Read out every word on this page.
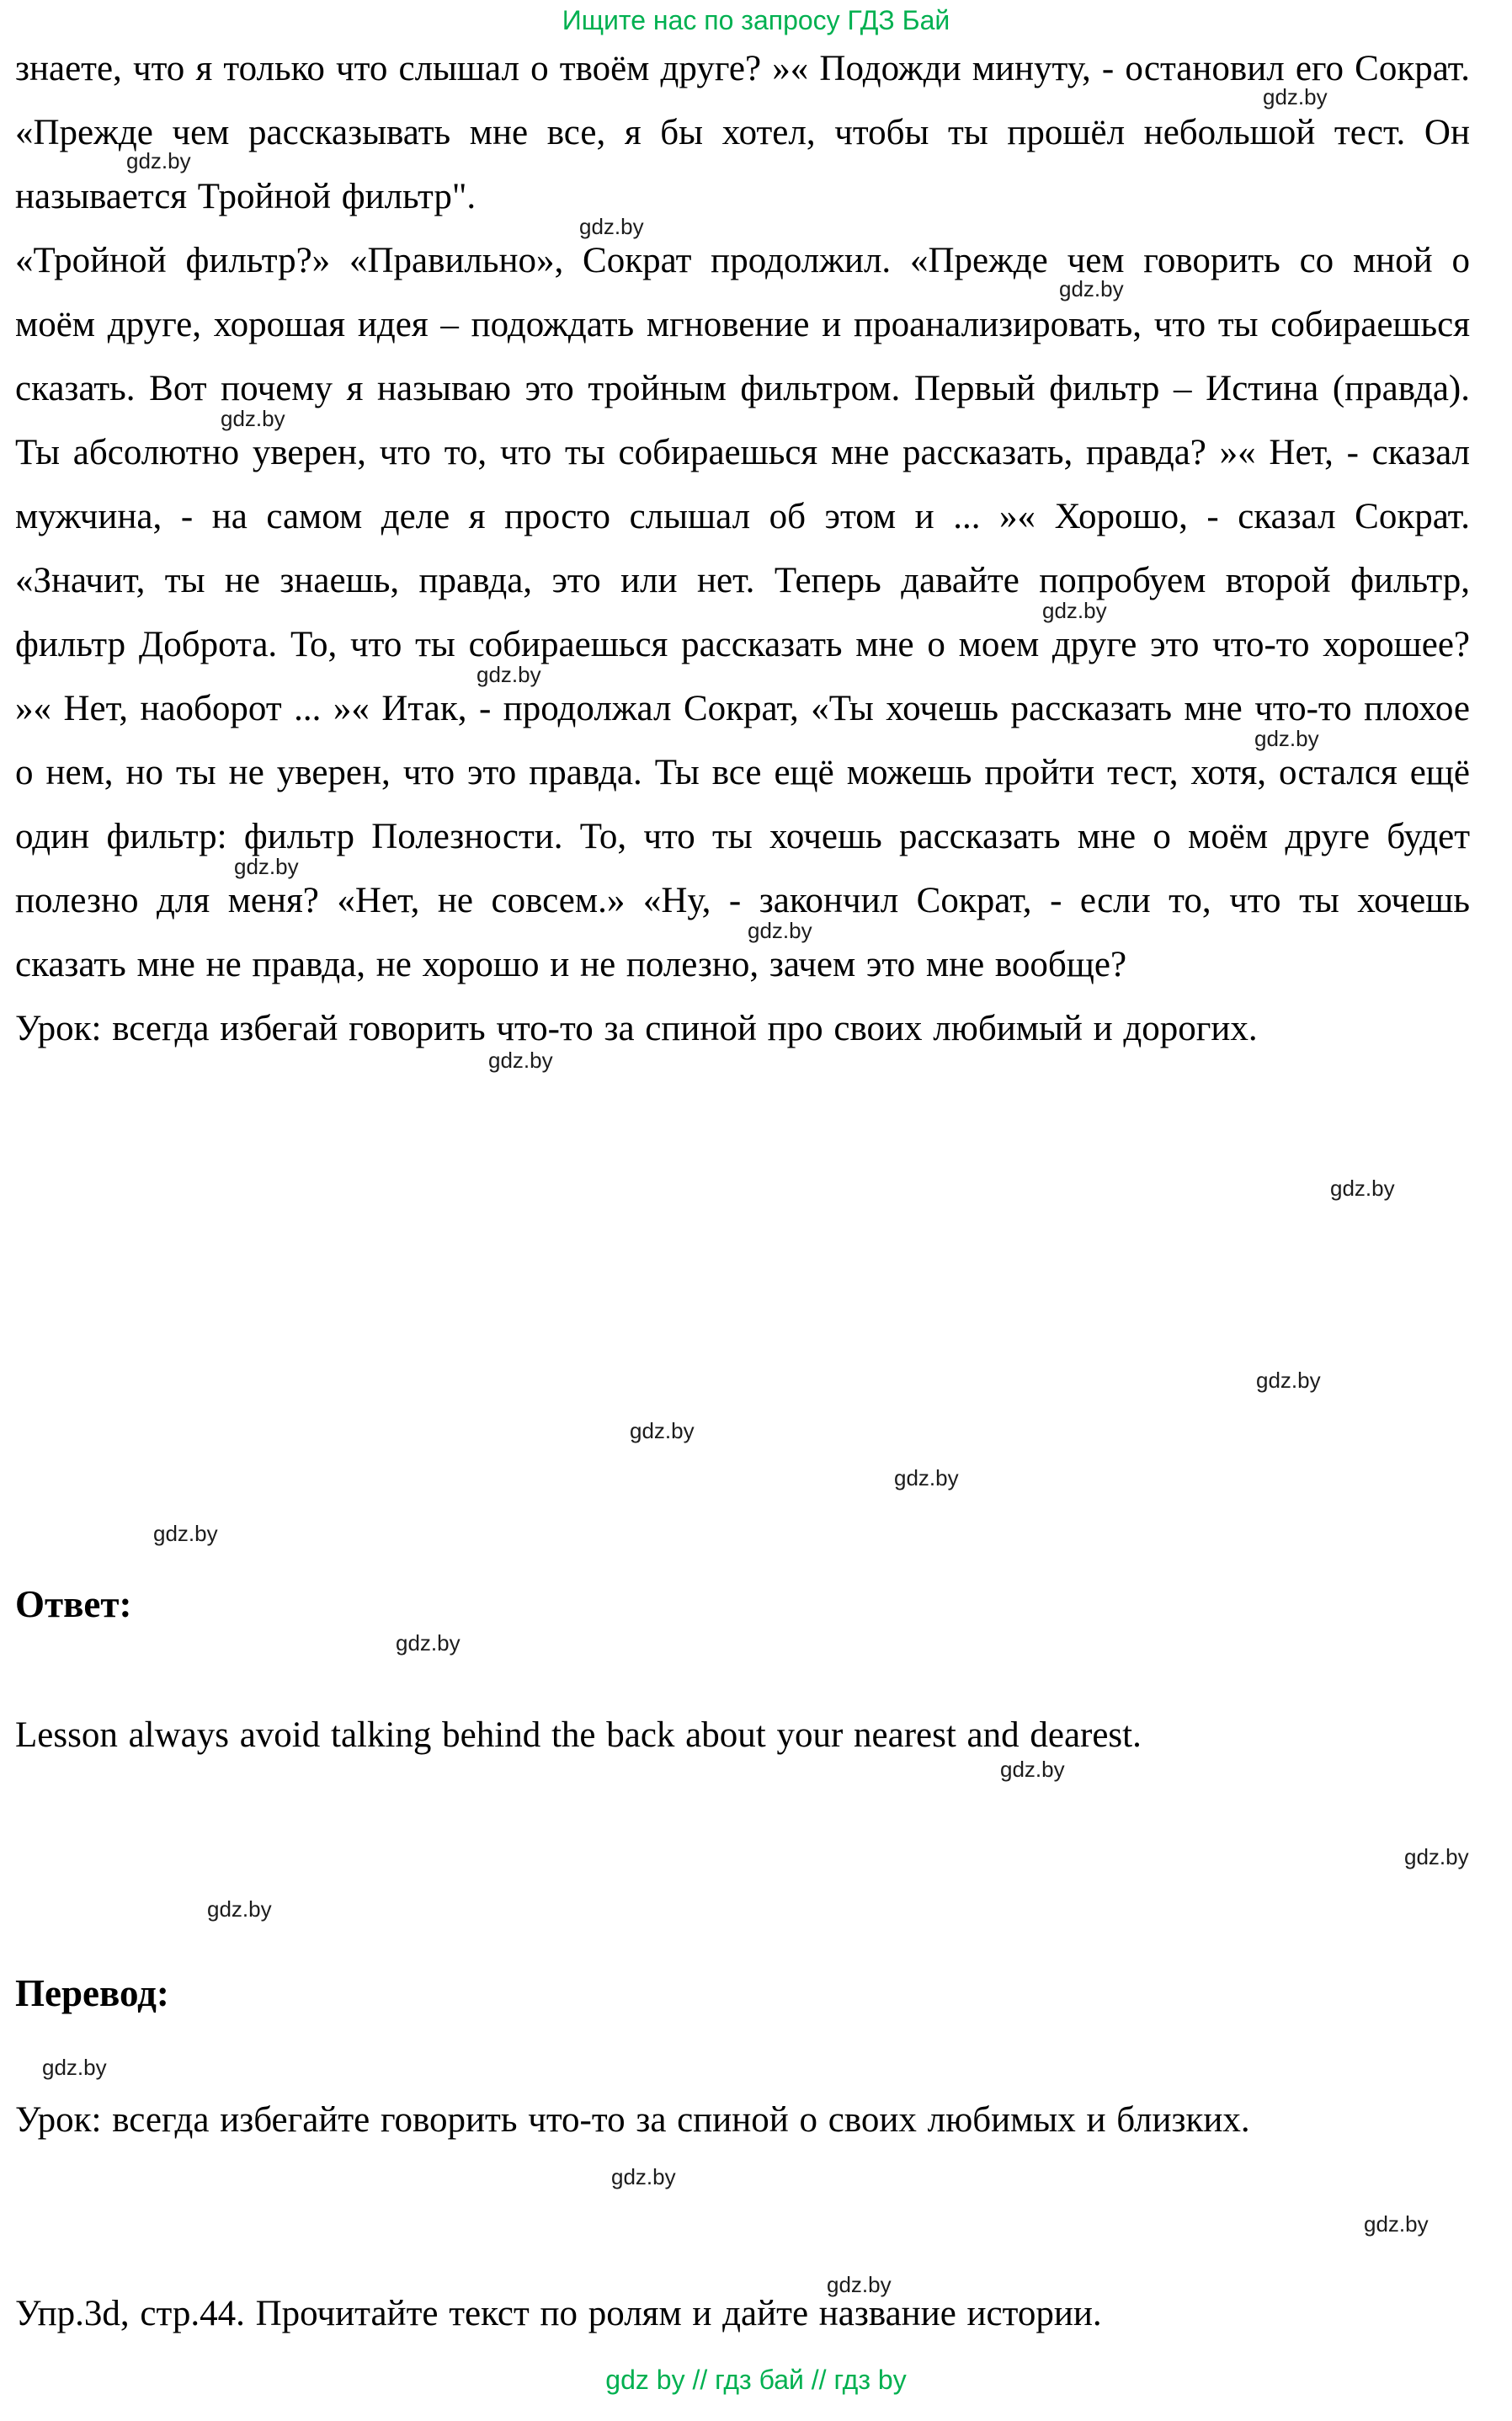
Ищите нас по запросу ГДЗ Бай

знаете, что я только что слышал о твоём друге? »« Подожди минуту, - остановил его Сократ. «Прежде чем рассказывать мне все, я бы хотел, чтобы ты прошёл небольшой тест. Он называется Тройной фильтр".

«Тройной фильтр?» «Правильно», Сократ продолжил. «Прежде чем говорить со мной о моём друге, хорошая идея – подождать мгновение и проанализировать, что ты собираешься сказать. Вот почему я называю это тройным фильтром. Первый фильтр – Истина (правда). Ты абсолютно уверен, что то, что ты собираешься мне рассказать, правда? »« Нет, - сказал мужчина, - на самом деле я просто слышал об этом и ... »« Хорошо, - сказал Сократ. «Значит, ты не знаешь, правда, это или нет. Теперь давайте попробуем второй фильтр, фильтр Доброта. То, что ты собираешься рассказать мне о моем друге это что-то хорошее? »« Нет, наоборот ... »« Итак, - продолжал Сократ, «Ты хочешь рассказать мне что-то плохое о нем, но ты не уверен, что это правда. Ты все ещё можешь пройти тест, хотя, остался ещё один фильтр: фильтр Полезности. То, что ты хочешь рассказать мне о моём друге будет полезно для меня? «Нет, не совсем.» «Ну, - закончил Сократ, - если то, что ты хочешь сказать мне не правда, не хорошо и не полезно, зачем это мне вообще?

Урок: всегда избегай говорить что-то за спиной про своих любимый и дорогих.

Ответ:

Lesson always avoid talking behind the back about your nearest and dearest.

Перевод:

Урок: всегда избегайте говорить что-то за спиной о своих любимых и близких.

Упр.3d, стр.44. Прочитайте текст по ролям и дайте название истории.

gdz by // гдз бай // гдз by
gdz.by
gdz.by
gdz.by
gdz.by
gdz.by
gdz.by
gdz.by
gdz.by
gdz.by
gdz.by
gdz.by
gdz.by
gdz.by
gdz.by
gdz.by
gdz.by
gdz.by
gdz.by
gdz.by
gdz.by
gdz.by
gdz.by
gdz.by
gdz.by
